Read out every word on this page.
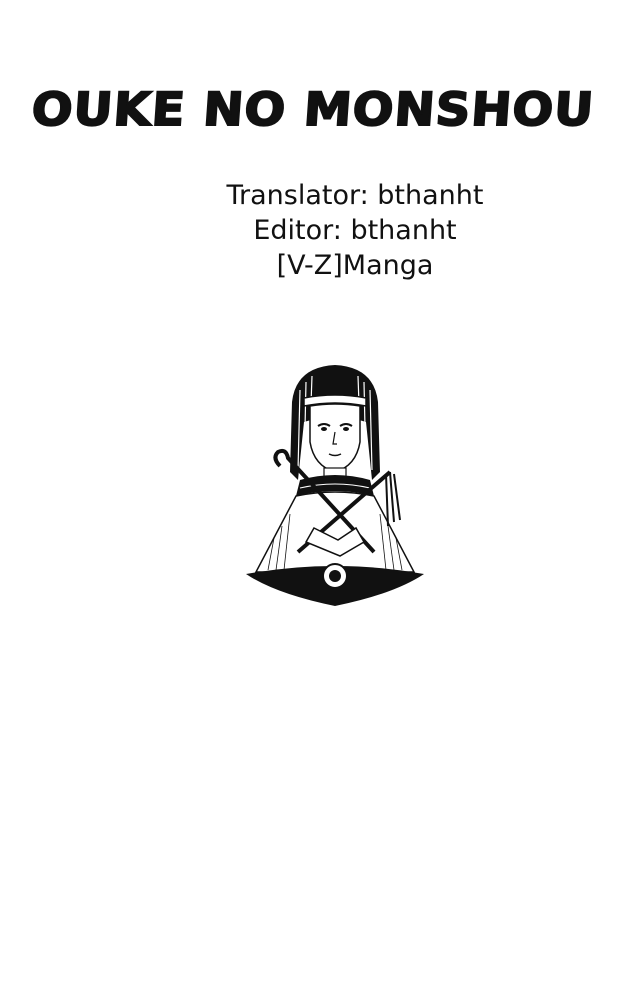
OUKE NO MONSHOU
Translator: bthanht
Editor: bthanht
[V-Z]Manga
